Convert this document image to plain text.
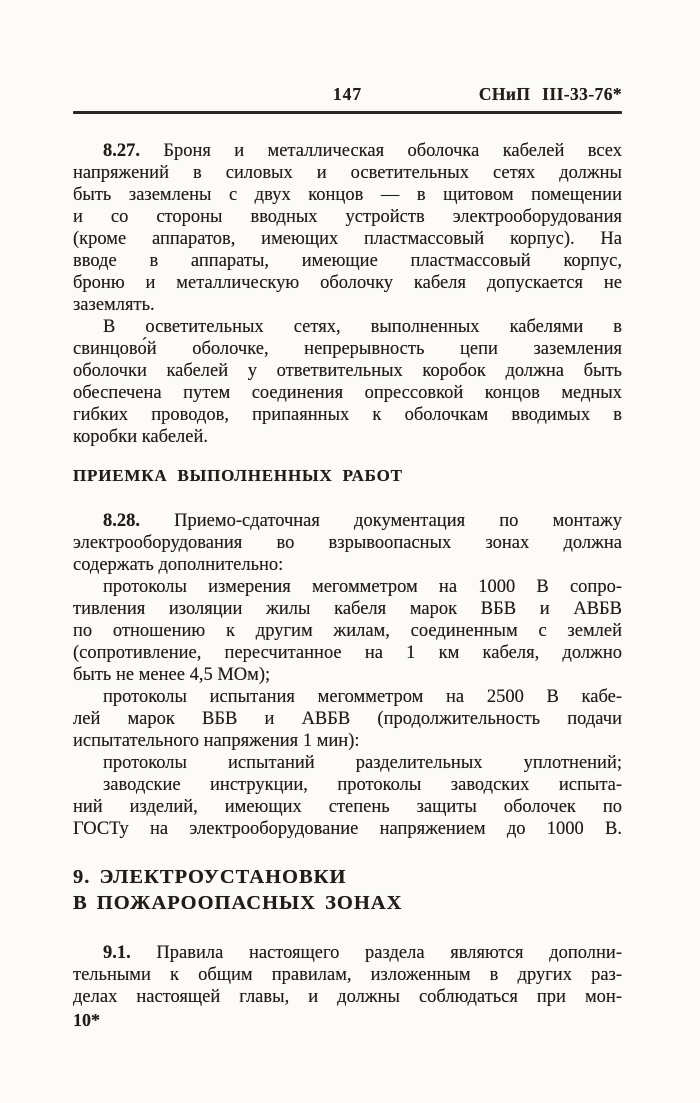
147	СНиП III-33-76*
8.27. Броня и металлическая оболочка кабелей всех
напряжений в силовых и осветительных сетях должны
быть заземлены с двух концов — в щитовом помещении
и со стороны вводных устройств электрооборудования
(кроме аппаратов, имеющих пластмассовый корпус). На
вводе в аппараты, имеющие пластмассовый корпус,
броню и металлическую оболочку кабеля допускается не
заземлять.
В осветительных сетях, выполненных кабелями в
свинцово́й оболочке, непрерывность цепи заземления
оболочки кабелей у ответвительных коробок должна быть
обеспечена путем соединения опрессовкой концов медных
гибких проводов, припаянных к оболочкам вводимых в
коробки кабелей.
ПРИЕМКА ВЫПОЛНЕННЫХ РАБОТ
8.28. Приемо-сдаточная документация по монтажу
электрооборудования во взрывоопасных зонах должна
содержать дополнительно:
протоколы измерения мегомметром на 1000 В сопро-
тивления изоляции жилы кабеля марок ВБВ и АВБВ
по отношению к другим жилам, соединенным с землей
(сопротивление, пересчитанное на 1 км кабеля, должно
быть не менее 4,5 МОм);
протоколы испытания мегомметром на 2500 В кабе-
лей марок ВБВ и АВБВ (продолжительность подачи
испытательного напряжения 1 мин):
протоколы испытаний разделительных уплотнений;
заводские инструкции, протоколы заводских испыта-
ний изделий, имеющих степень защиты оболочек по
ГОСТу на электрооборудование напряжением до 1000 В.
9. ЭЛЕКТРОУСТАНОВКИ
В ПОЖАРООПАСНЫХ ЗОНАХ
9.1. Правила настоящего раздела являются дополни-
тельными к общим правилам, изложенным в других раз-
делах настоящей главы, и должны соблюдаться при мон-
10*
